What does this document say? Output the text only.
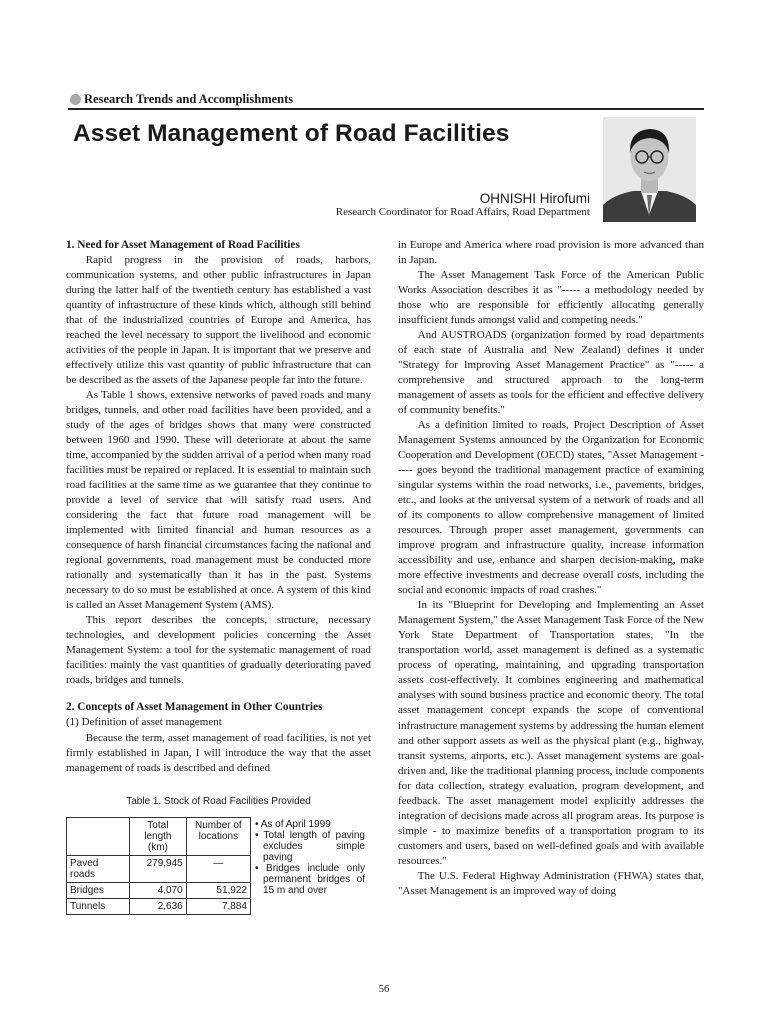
Research Trends and Accomplishments
Asset Management of Road Facilities
OHNISHI Hirofumi
Research Coordinator for Road Affairs, Road Department

1. Need for Asset Management of Road Facilities

Rapid progress in the provision of roads, harbors, communication systems, and other public infrastructures in Japan during the latter half of the twentieth century has established a vast quantity of infrastructure of these kinds which, although still behind that of the industrialized countries of Europe and America, has reached the level necessary to support the livelihood and economic activities of the people in Japan. It is important that we preserve and effectively utilize this vast quantity of public infrastructure that can be described as the assets of the Japanese people far into the future.

As Table 1 shows, extensive networks of paved roads and many bridges, tunnels, and other road facilities have been provided, and a study of the ages of bridges shows that many were constructed between 1960 and 1990. These will deteriorate at about the same time, accompanied by the sudden arrival of a period when many road facilities must be repaired or replaced. It is essential to maintain such road facilities at the same time as we guarantee that they continue to provide a level of service that will satisfy road users. And considering the fact that future road management will be implemented with limited financial and human resources as a consequence of harsh financial circumstances facing the national and regional governments, road management must be conducted more rationally and systematically than it has in the past. Systems necessary to do so must be established at once. A system of this kind is called an Asset Management System (AMS).

This report describes the concepts, structure, necessary technologies, and development policies concerning the Asset Management System: a tool for the systematic management of road facilities: mainly the vast quantities of gradually deteriorating paved roads, bridges and tunnels.

2. Concepts of Asset Management in Other Countries

(1) Definition of asset management

Because the term, asset management of road facilities, is not yet firmly established in Japan, I will introduce the way that the asset management of roads is described and defined

Table 1. Stock of Road Facilities Provided
	Total length (km)	Number of locations	• As of April 1999
• Total length of paving excludes simple paving
• Bridges include only permanent bridges of 15 m and over

Paved roads	279,945	—	
Bridges	4,070	51,922	
Tunnels	2,636	7,884	

in Europe and America where road provision is more advanced than in Japan.

The Asset Management Task Force of the American Public Works Association describes it as "----- a methodology needed by those who are responsible for efficiently allocating generally insufficient funds amongst valid and competing needs."

And AUSTROADS (organization formed by road departments of each state of Australia and New Zealand) defines it under "Strategy for Improving Asset Management Practice" as "----- a comprehensive and structured approach to the long-term management of assets as tools for the efficient and effective delivery of community benefits."

As a definition limited to roads, Project Description of Asset Management Systems announced by the Organization for Economic Cooperation and Development (OECD) states, "Asset Management ----- goes beyond the traditional management practice of examining singular systems within the road networks, i.e., pavements, bridges, etc., and looks at the universal system of a network of roads and all of its components to allow comprehensive management of limited resources. Through proper asset management, governments can improve program and infrastructure quality, increase information accessibility and use, enhance and sharpen decision-making, make more effective investments and decrease overall costs, including the social and economic impacts of road crashes."

In its "Blueprint for Developing and Implementing an Asset Management System," the Asset Management Task Force of the New York State Department of Transportation states, "In the transportation world, asset management is defined as a systematic process of operating, maintaining, and upgrading transportation assets cost-effectively. It combines engineering and mathematical analyses with sound business practice and economic theory. The total asset management concept expands the scope of conventional infrastructure management systems by addressing the human element and other support assets as well as the physical plant (e.g., highway, transit systems, airports, etc.). Asset management systems are goal-driven and, like the traditional planning process, include components for data collection, strategy evaluation, program development, and feedback. The asset management model explicitly addresses the integration of decisions made across all program areas. Its purpose is simple - to maximize benefits of a transportation program to its customers and users, based on well-defined goals and with available resources."

The U.S. Federal Highway Administration (FHWA) states that, "Asset Management is an improved way of doing

56
